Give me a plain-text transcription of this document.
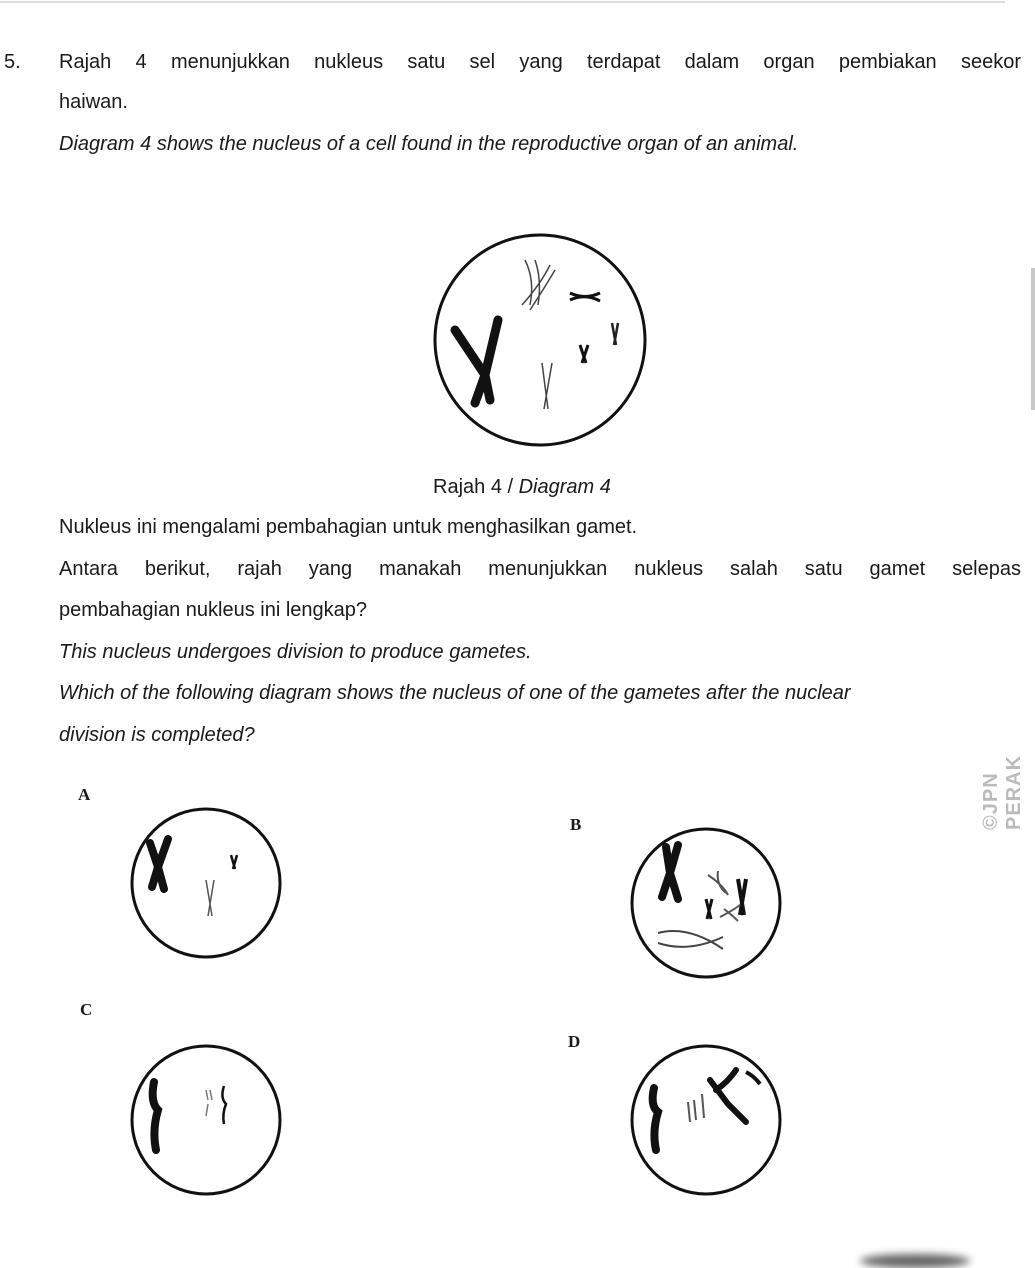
5. Rajah 4 menunjukkan nukleus satu sel yang terdapat dalam organ pembiakan seekor
haiwan.
Diagram 4 shows the nucleus of a cell found in the reproductive organ of an animal.
Rajah 4 / Diagram 4
Nukleus ini mengalami pembahagian untuk menghasilkan gamet.
Antara berikut, rajah yang manakah menunjukkan nukleus salah satu gamet selepas
pembahagian nukleus ini lengkap?
This nucleus undergoes division to produce gametes.
Which of the following diagram shows the nucleus of one of the gametes after the nuclear
division is completed?
A
B
C
D
©JPN PERAK
